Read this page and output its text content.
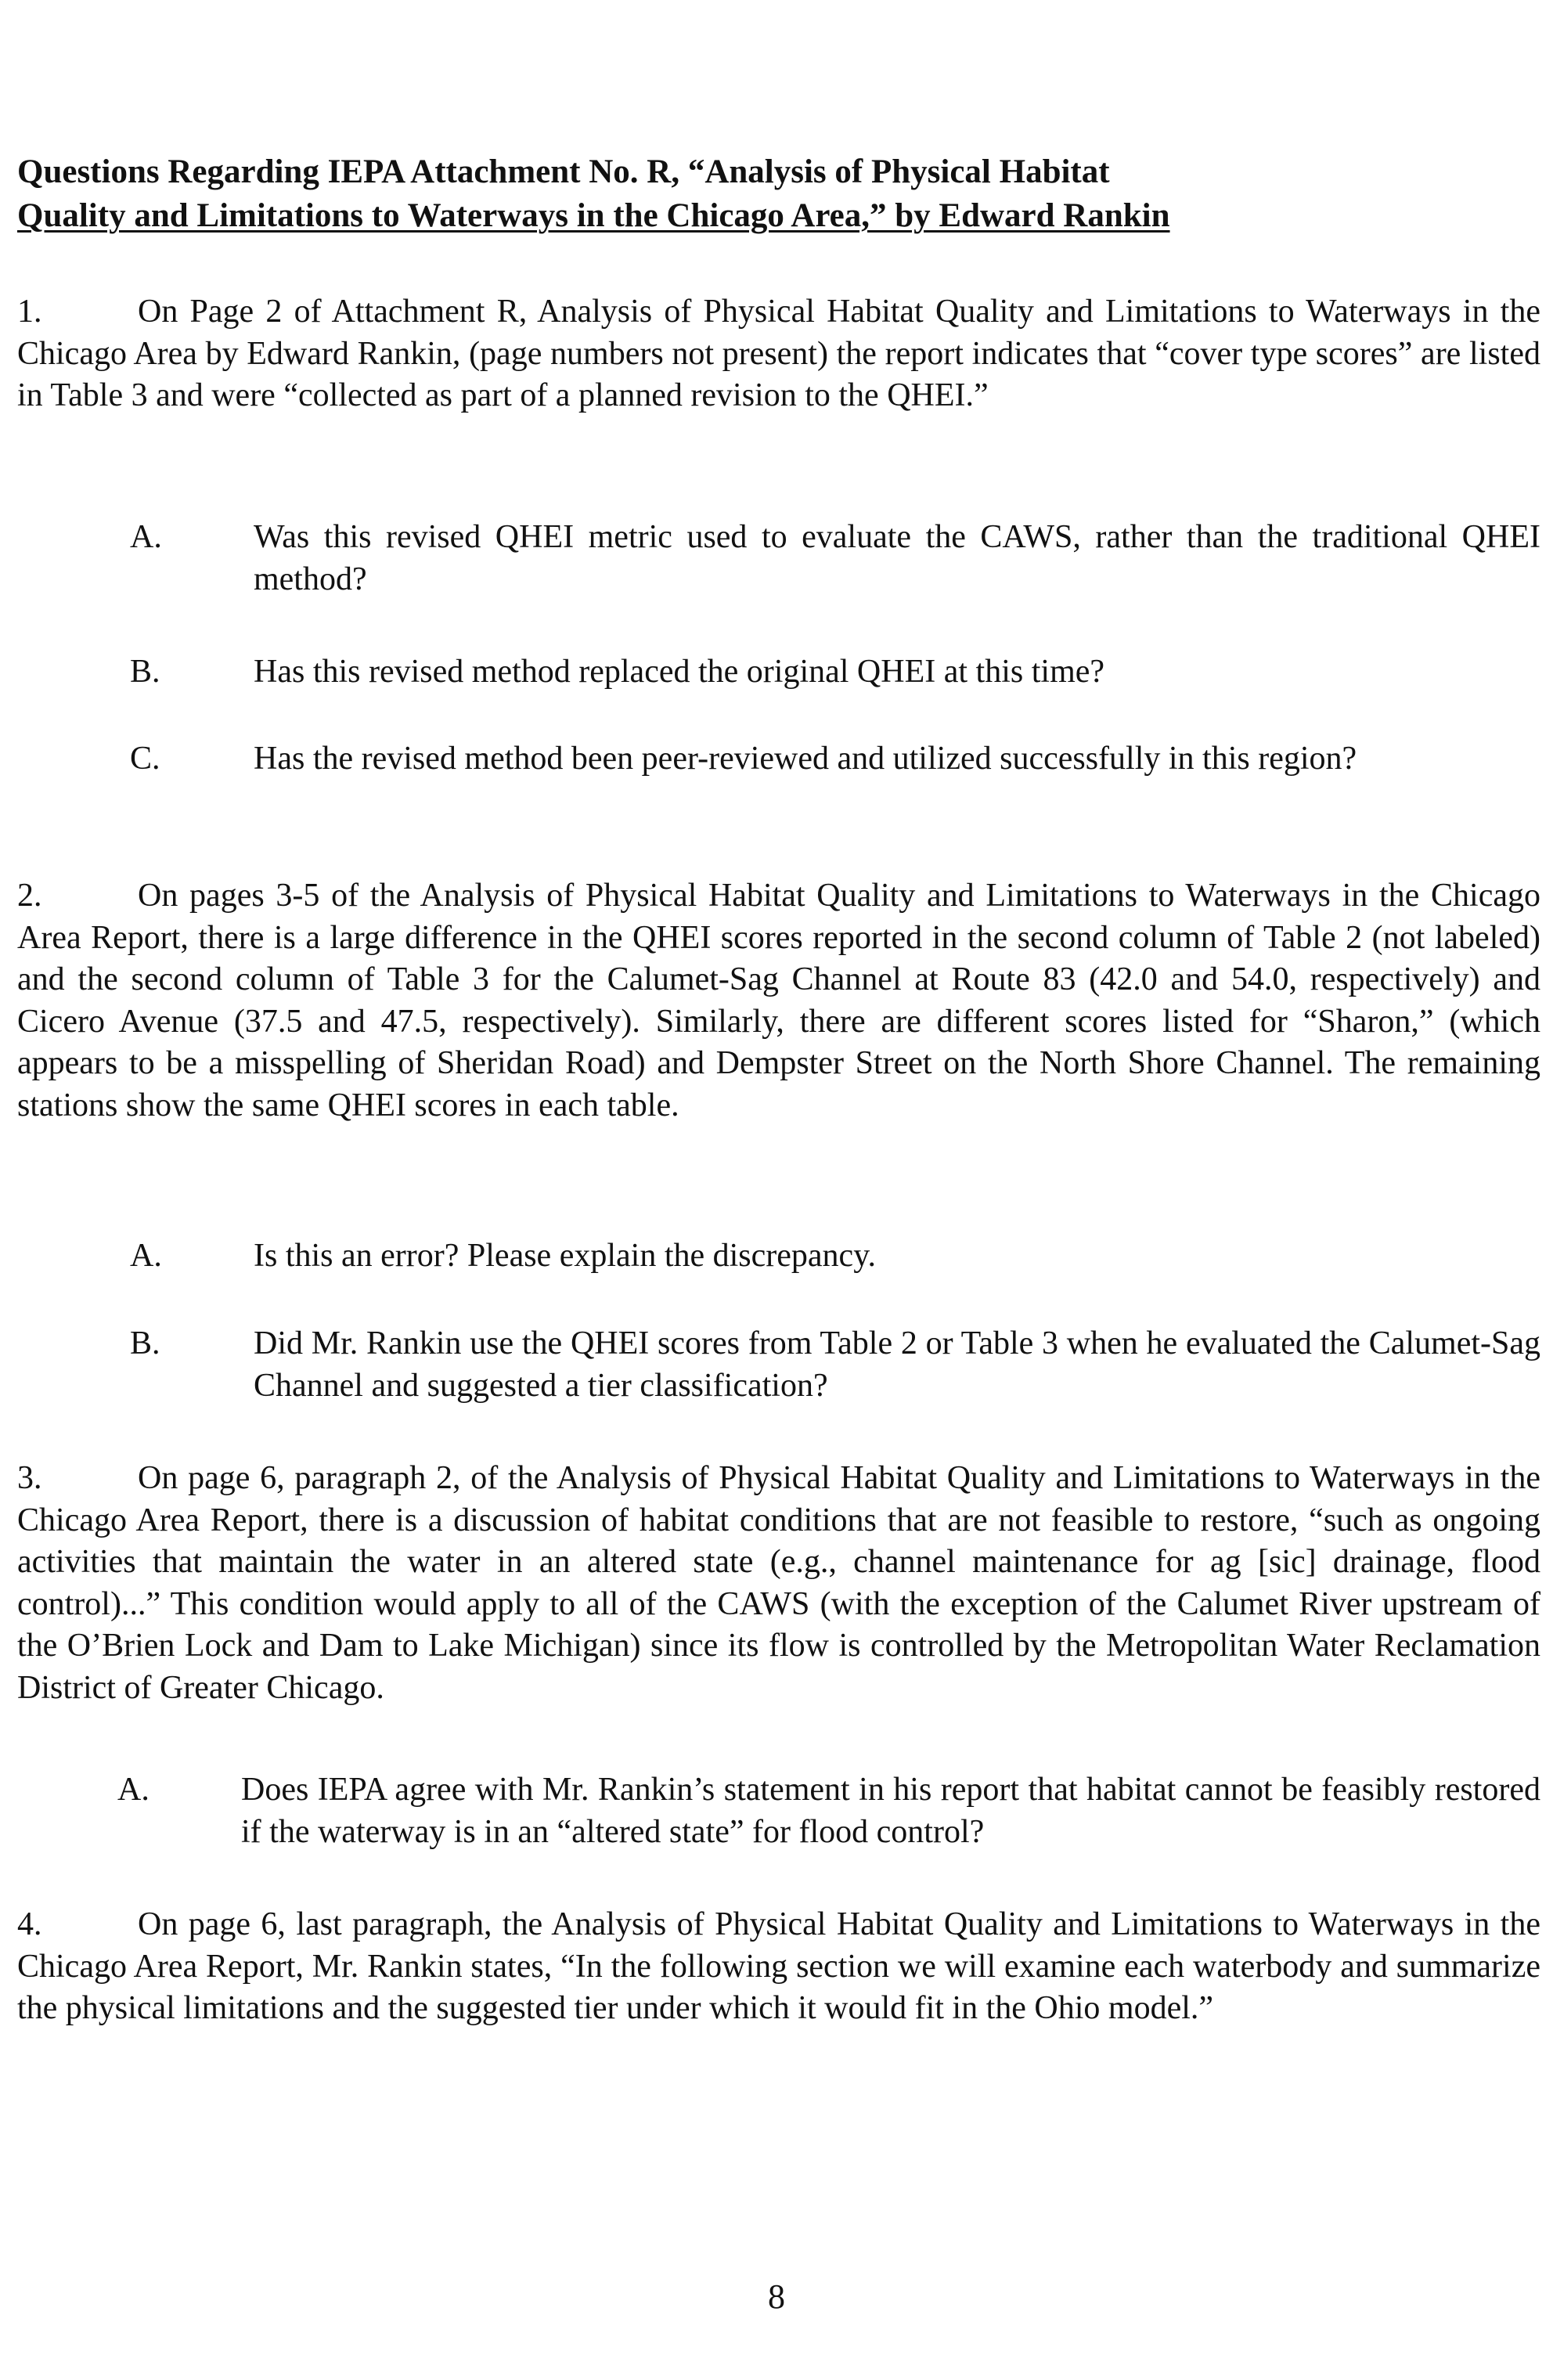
Questions Regarding IEPA Attachment No. R, “Analysis of Physical Habitat
Quality and Limitations to Waterways in the Chicago Area,” by Edward Rankin
1.	On Page 2 of Attachment R, Analysis of Physical Habitat Quality and Limitations to Waterways in the Chicago Area by Edward Rankin, (page numbers not present) the report indicates that “cover type scores” are listed in Table 3 and were “collected as part of a planned revision to the QHEI.”
A.	Was this revised QHEI metric used to evaluate the CAWS, rather than the traditional QHEI method?
B.	Has this revised method replaced the original QHEI at this time?
C.	Has the revised method been peer-reviewed and utilized successfully in this region?
2.	On pages 3-5 of the Analysis of Physical Habitat Quality and Limitations to Waterways in the Chicago Area Report, there is a large difference in the QHEI scores reported in the second column of Table 2 (not labeled) and the second column of Table 3 for the Calumet-Sag Channel at Route 83 (42.0 and 54.0, respectively) and Cicero Avenue (37.5 and 47.5, respectively). Similarly, there are different scores listed for “Sharon,” (which appears to be a misspelling of Sheridan Road) and Dempster Street on the North Shore Channel. The remaining stations show the same QHEI scores in each table.
A.	Is this an error? Please explain the discrepancy.
B.	Did Mr. Rankin use the QHEI scores from Table 2 or Table 3 when he evaluated the Calumet-Sag Channel and suggested a tier classification?
3.	On page 6, paragraph 2, of the Analysis of Physical Habitat Quality and Limitations to Waterways in the Chicago Area Report, there is a discussion of habitat conditions that are not feasible to restore, “such as ongoing activities that maintain the water in an altered state (e.g., channel maintenance for ag [sic] drainage, flood control)...” This condition would apply to all of the CAWS (with the exception of the Calumet River upstream of the O’Brien Lock and Dam to Lake Michigan) since its flow is controlled by the Metropolitan Water Reclamation District of Greater Chicago.
A.	Does IEPA agree with Mr. Rankin’s statement in his report that habitat cannot be feasibly restored if the waterway is in an “altered state” for flood control?
4.	On page 6, last paragraph, the Analysis of Physical Habitat Quality and Limitations to Waterways in the Chicago Area Report, Mr. Rankin states, “In the following section we will examine each waterbody and summarize the physical limitations and the suggested tier under which it would fit in the Ohio model.”
8
